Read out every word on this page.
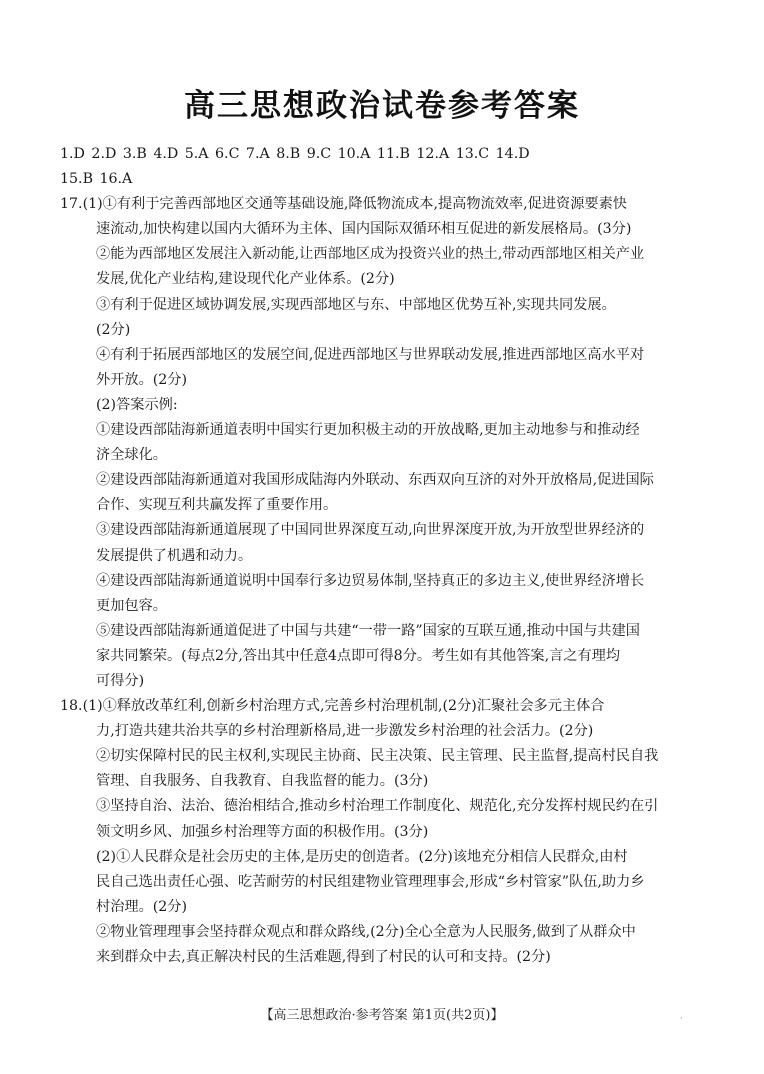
高三思想政治试卷参考答案
1.D 2.D 3.B 4.D 5.A 6.C 7.A 8.B 9.C 10.A 11.B 12.A 13.C 14.D
15.B 16.A
17.(1)①有利于完善西部地区交通等基础设施,降低物流成本,提高物流效率,促进资源要素快
速流动,加快构建以国内大循环为主体、国内国际双循环相互促进的新发展格局。(3分)
②能为西部地区发展注入新动能,让西部地区成为投资兴业的热土,带动西部地区相关产业
发展,优化产业结构,建设现代化产业体系。(2分)
③有利于促进区域协调发展,实现西部地区与东、中部地区优势互补,实现共同发展。
(2分)
④有利于拓展西部地区的发展空间,促进西部地区与世界联动发展,推进西部地区高水平对
外开放。(2分)
(2)答案示例:
①建设西部陆海新通道表明中国实行更加积极主动的开放战略,更加主动地参与和推动经
济全球化。
②建设西部陆海新通道对我国形成陆海内外联动、东西双向互济的对外开放格局,促进国际
合作、实现互利共赢发挥了重要作用。
③建设西部陆海新通道展现了中国同世界深度互动,向世界深度开放,为开放型世界经济的
发展提供了机遇和动力。
④建设西部陆海新通道说明中国奉行多边贸易体制,坚持真正的多边主义,使世界经济增长
更加包容。
⑤建设西部陆海新通道促进了中国与共建“一带一路”国家的互联互通,推动中国与共建国
家共同繁荣。(每点2分,答出其中任意4点即可得8分。考生如有其他答案,言之有理均
可得分)
18.(1)①释放改革红利,创新乡村治理方式,完善乡村治理机制,(2分)汇聚社会多元主体合
力,打造共建共治共享的乡村治理新格局,进一步激发乡村治理的社会活力。(2分)
②切实保障村民的民主权利,实现民主协商、民主决策、民主管理、民主监督,提高村民自我
管理、自我服务、自我教育、自我监督的能力。(3分)
③坚持自治、法治、德治相结合,推动乡村治理工作制度化、规范化,充分发挥村规民约在引
领文明乡风、加强乡村治理等方面的积极作用。(3分)
(2)①人民群众是社会历史的主体,是历史的创造者。(2分)该地充分相信人民群众,由村
民自己选出责任心强、吃苦耐劳的村民组建物业管理理事会,形成“乡村管家”队伍,助力乡
村治理。(2分)
②物业管理理事会坚持群众观点和群众路线,(2分)全心全意为人民服务,做到了从群众中
来到群众中去,真正解决村民的生活难题,得到了村民的认可和支持。(2分)
【高三思想政治·参考答案 第1页(共2页)】	·
